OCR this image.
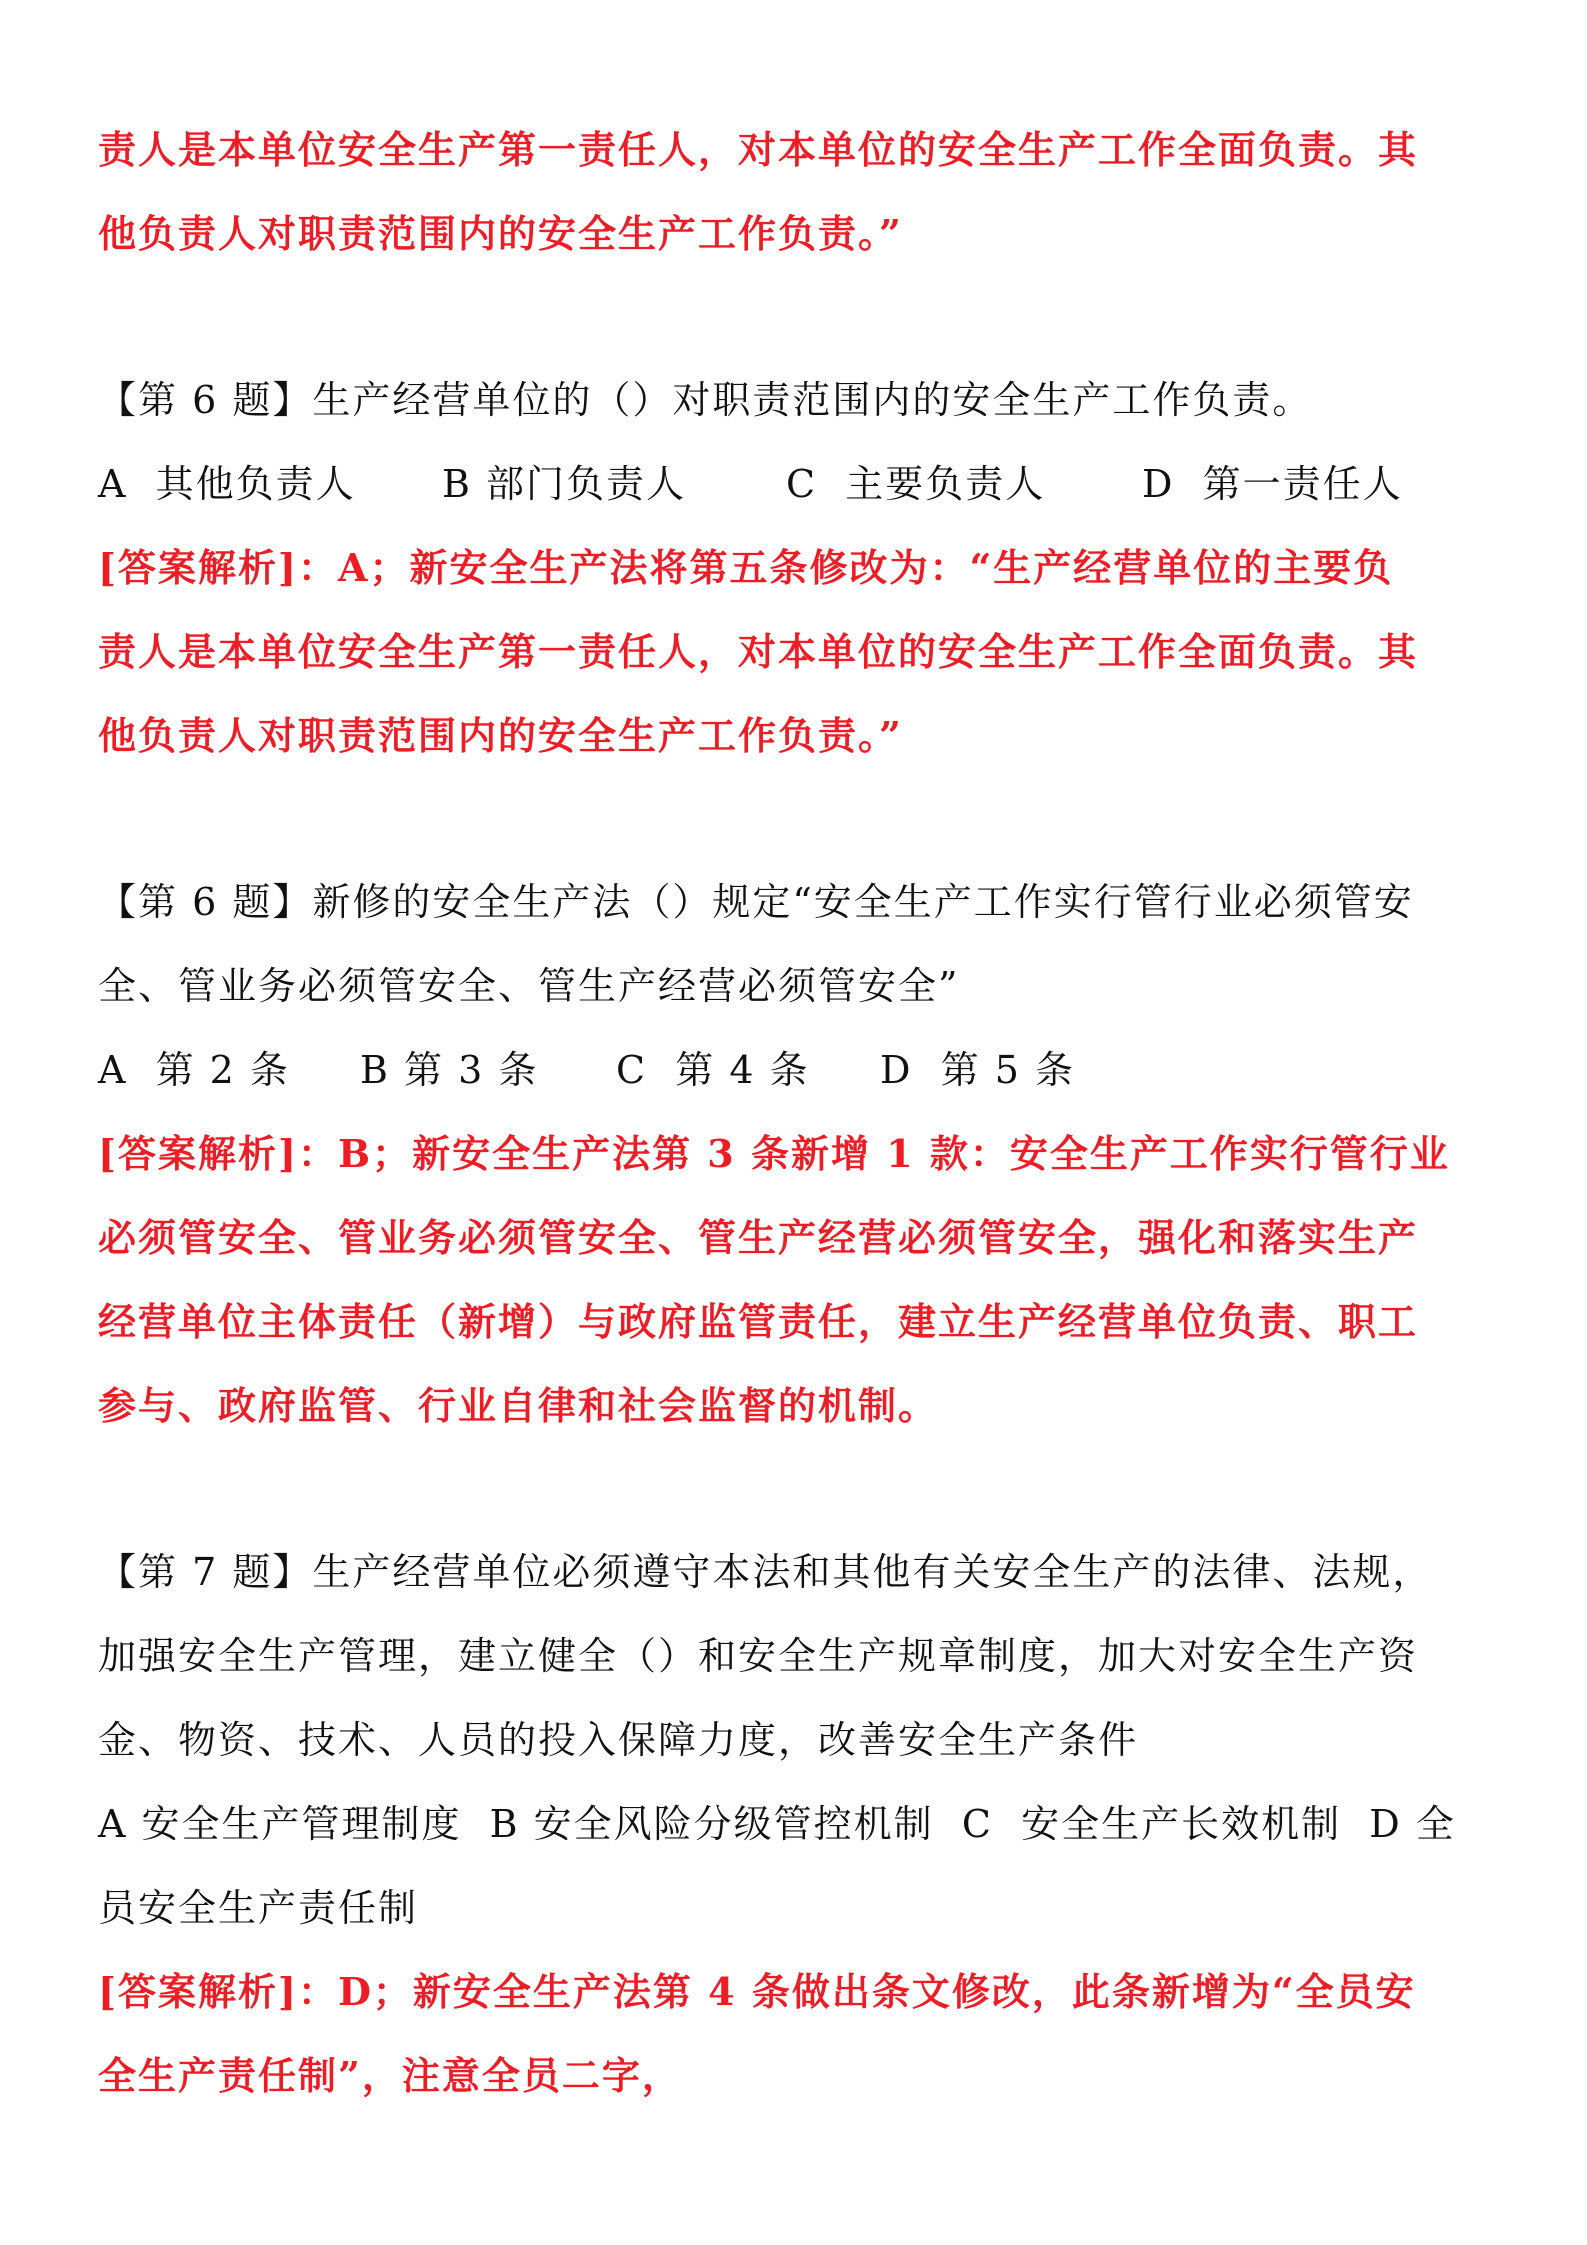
责人是本单位安全生产第一责任人，对本单位的安全生产工作全面负责。其
他负责人对职责范围内的安全生产工作负责。”
【第 6 题】生产经营单位的（）对职责范围内的安全生产工作负责。
A  其他负责人 B 部门负责人	C  主要负责人	D  第一责任人
[答案解析]：A；新安全生产法将第五条修改为：“生产经营单位的主要负
责人是本单位安全生产第一责任人，对本单位的安全生产工作全面负责。其
他负责人对职责范围内的安全生产工作负责。”
【第 6 题】新修的安全生产法（）规定“安全生产工作实行管行业必须管安
全、管业务必须管安全、管生产经营必须管安全”
A  第 2 条 B 第 3 条 C  第 4 条 D  第 5 条
[答案解析]：B；新安全生产法第 3 条新增 1 款：安全生产工作实行管行业
必须管安全、管业务必须管安全、管生产经营必须管安全，强化和落实生产
经营单位主体责任（新增）与政府监管责任，建立生产经营单位负责、职工
参与、政府监管、行业自律和社会监督的机制。
【第 7 题】生产经营单位必须遵守本法和其他有关安全生产的法律、法规，
加强安全生产管理，建立健全（）和安全生产规章制度，加大对安全生产资
金、物资、技术、人员的投入保障力度，改善安全生产条件
A 安全生产管理制度  B 安全风险分级管控机制  C  安全生产长效机制  D 全
员安全生产责任制
[答案解析]：D；新安全生产法第 4 条做出条文修改，此条新增为“全员安
全生产责任制”，注意全员二字，
